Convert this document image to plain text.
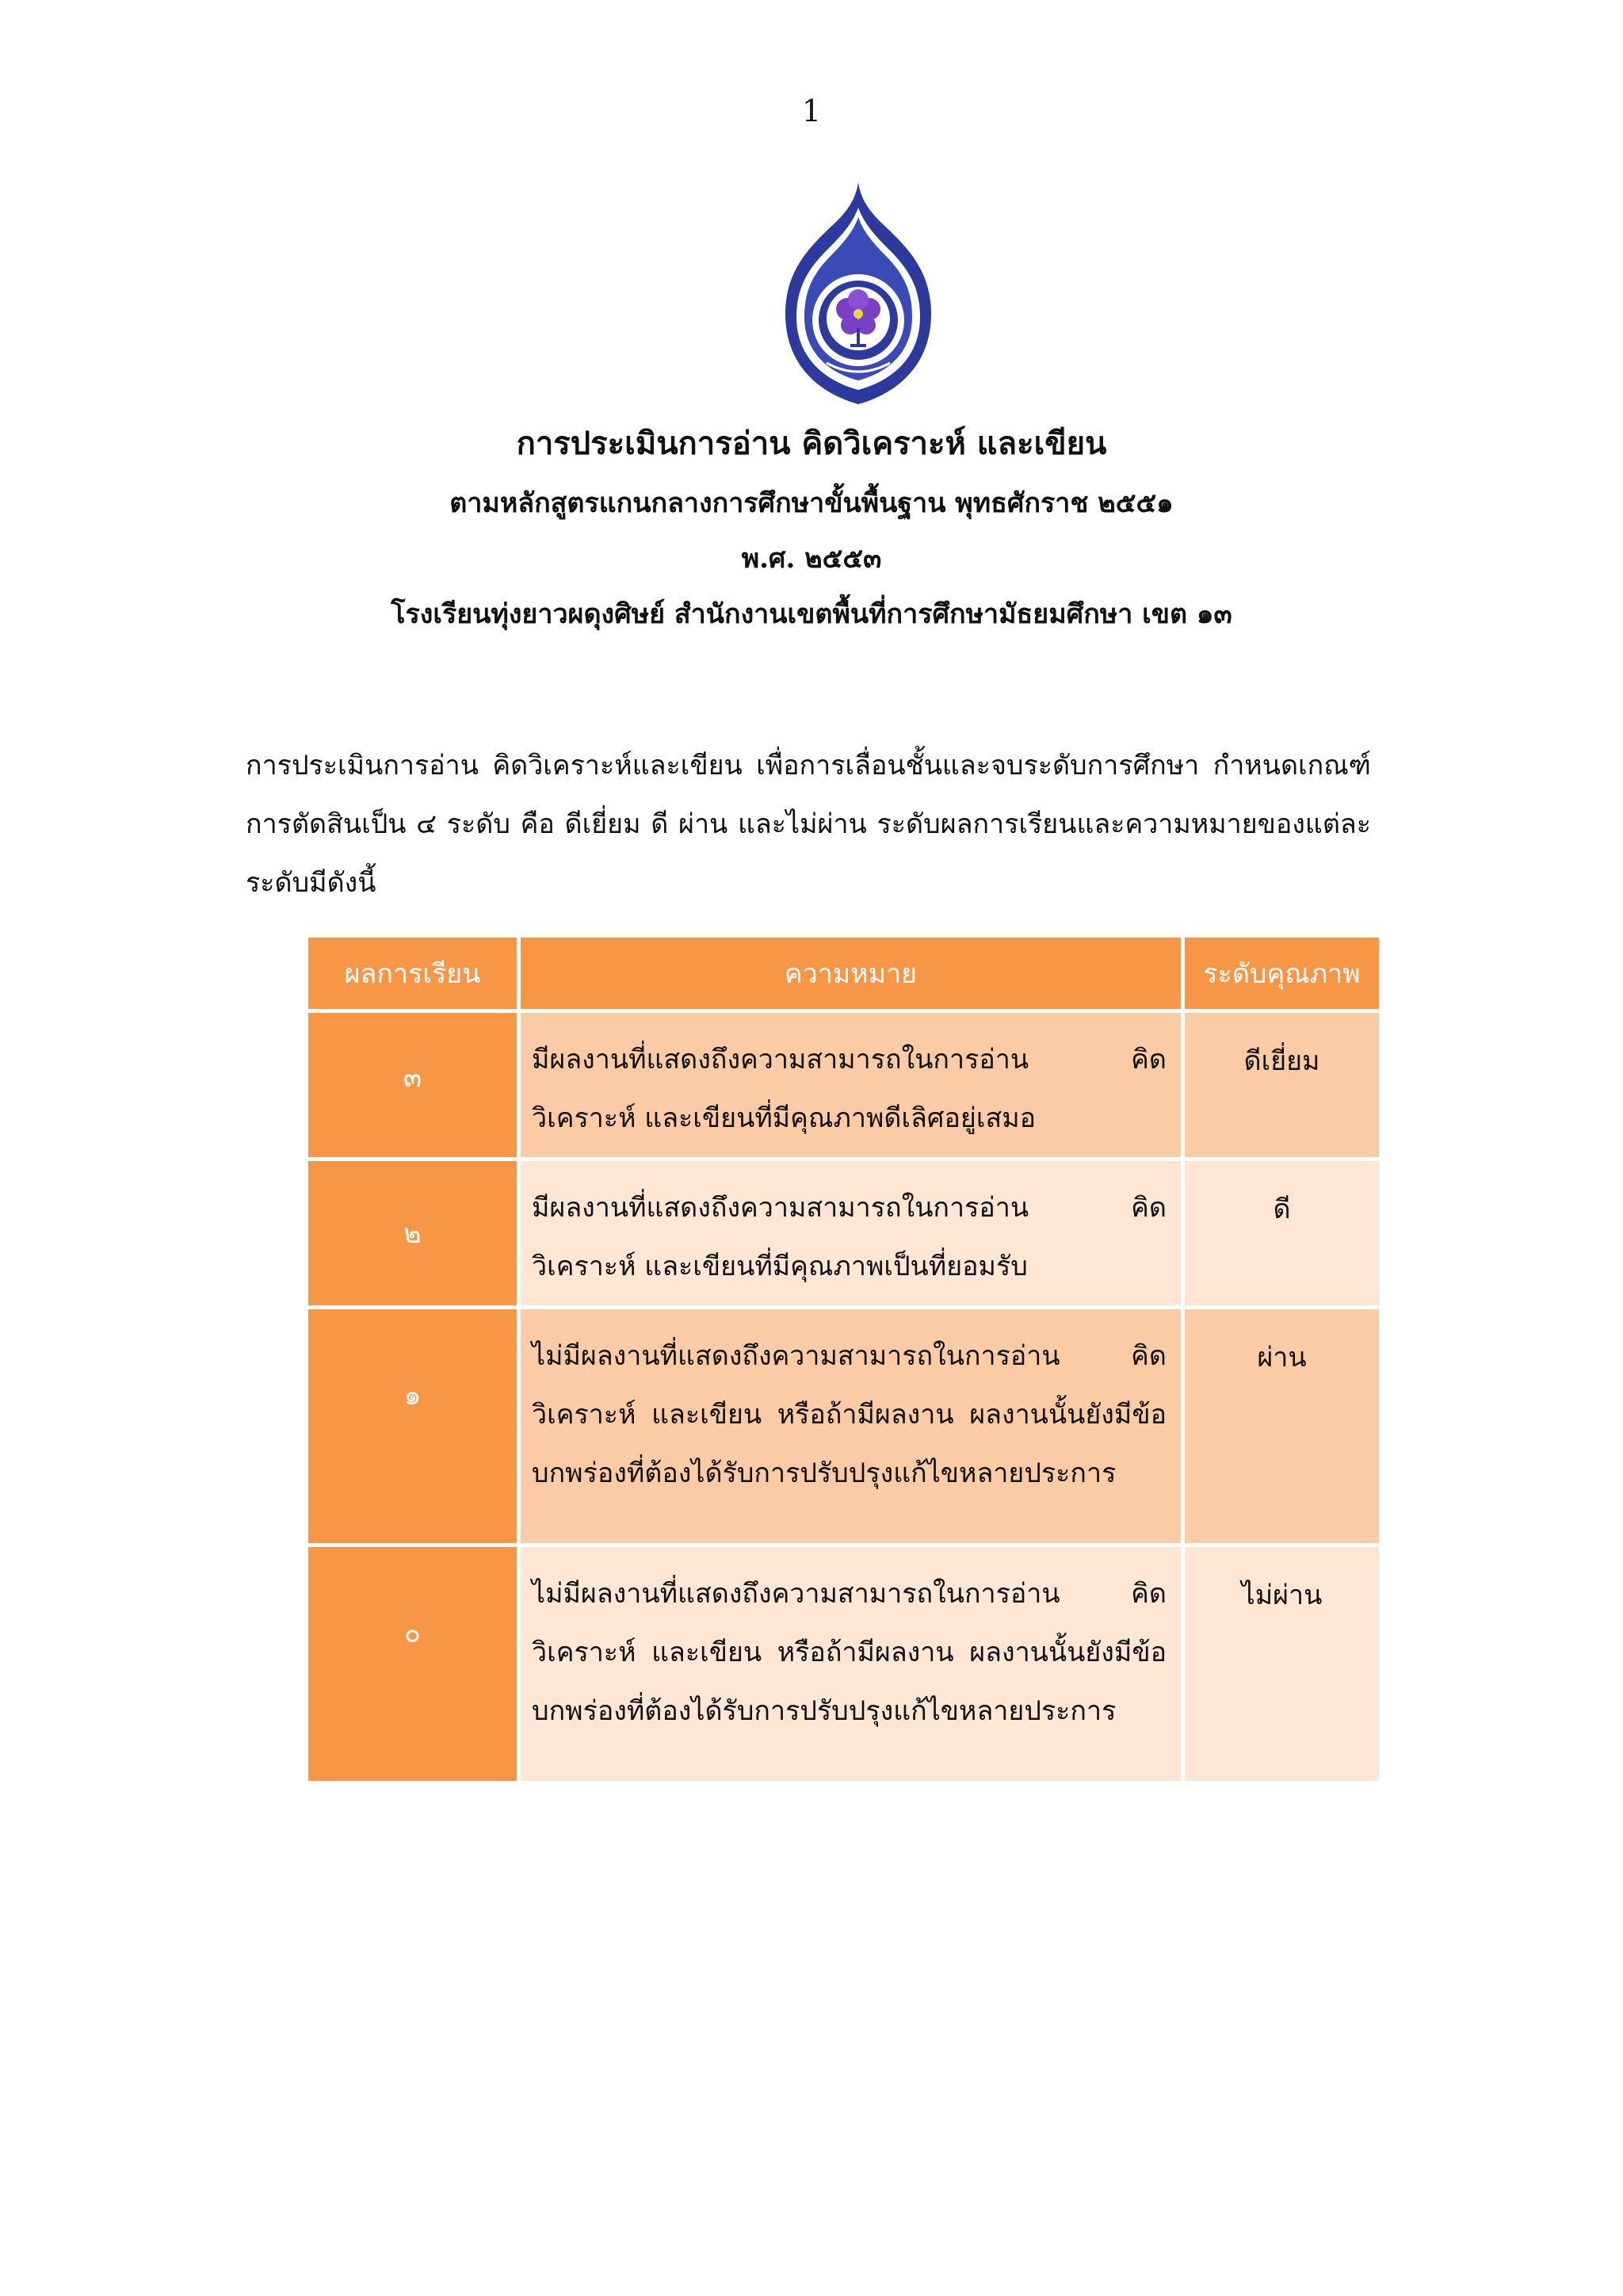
1
การประเมินการอ่าน คิดวิเคราะห์ และเขียน
ตามหลักสูตรแกนกลางการศึกษาขั้นพื้นฐาน พุทธศักราช ๒๕๕๑
พ.ศ. ๒๕๕๓
โรงเรียนทุ่งยาวผดุงศิษย์ สำนักงานเขตพื้นที่การศึกษามัธยมศึกษา เขต ๑๓

การประเมินการอ่าน คิดวิเคราะห์และเขียน เพื่อการเลื่อนชั้นและจบระดับการศึกษา กำหนดเกณฑ์การตัดสินเป็น ๔ ระดับ คือ ดีเยี่ยม ดี ผ่าน และไม่ผ่าน ระดับผลการเรียนและความหมายของแต่ละระดับมีดังนี้

ผลการเรียน	ความหมาย	ระดับคุณภาพ
๓	มีผลงานที่แสดงถึงความสามารถในการอ่าน คิดวิเคราะห์ และเขียนที่มีคุณภาพดีเลิศอยู่เสมอ	ดีเยี่ยม
๒	มีผลงานที่แสดงถึงความสามารถในการอ่าน คิดวิเคราะห์ และเขียนที่มีคุณภาพเป็นที่ยอมรับ	ดี
๑	ไม่มีผลงานที่แสดงถึงความสามารถในการอ่าน คิดวิเคราะห์ และเขียน หรือถ้ามีผลงาน ผลงานนั้นยังมีข้อบกพร่องที่ต้องได้รับการปรับปรุงแก้ไขหลายประการ	ผ่าน
๐	ไม่มีผลงานที่แสดงถึงความสามารถในการอ่าน คิดวิเคราะห์ และเขียน หรือถ้ามีผลงาน ผลงานนั้นยังมีข้อบกพร่องที่ต้องได้รับการปรับปรุงแก้ไขหลายประการ	ไม่ผ่าน
